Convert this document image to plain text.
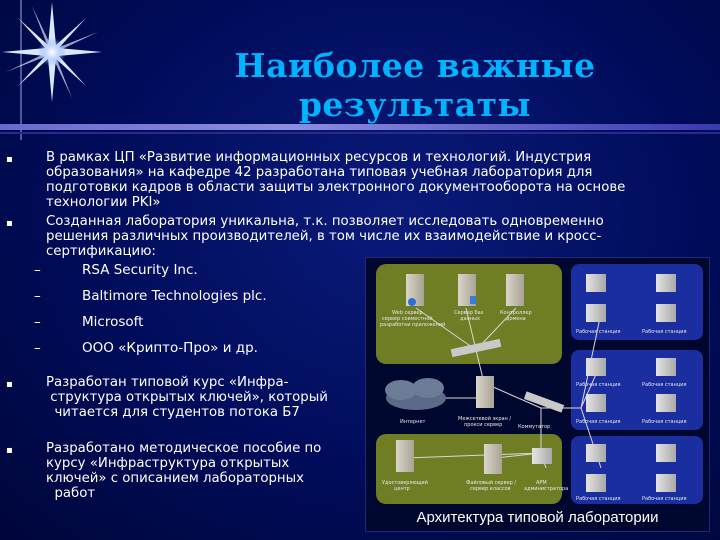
Наиболее важные результаты
▪ В рамках ЦП «Развитие информационных ресурсов и технологий. Индустрия
образования» на кафедре 42 разработана типовая учебная лаборатория для
подготовки кадров в области защиты электронного документооборота на основе
технологии PKI»
▪ Созданная лаборатория уникальна, т.к. позволяет исследовать одновременно
решения различных производителей, в том числе их взаимодействие и кросс-
сертификацию:
–	RSA Security Inc.
–	Baltimore Technologies plc.
–	Microsoft
–	ООО «Крипто-Про» и др.
▪ Разработан типовой курс «Инфра-
структура открытых ключей», который
читается для студентов потока Б7
▪ Разработано методическое пособие по
курсу «Инфраструктура открытых
ключей» с описанием лабораторных
работ
Web сервер
сервер совместной
разработки приложений
Сервер баз
данных
Контроллер
домена
Интернет	Межсетевой экран /
прокси сервер	Коммутатор
Удостоверяющий
центр
Файловый сервер /
сервер классов
АРМ
администратора
Рабочая станция	Рабочая станция
Рабочая станция	Рабочая станция
Рабочая станция	Рабочая станция
Рабочая станция	Рабочая станция
Архитектура типовой лаборатории
